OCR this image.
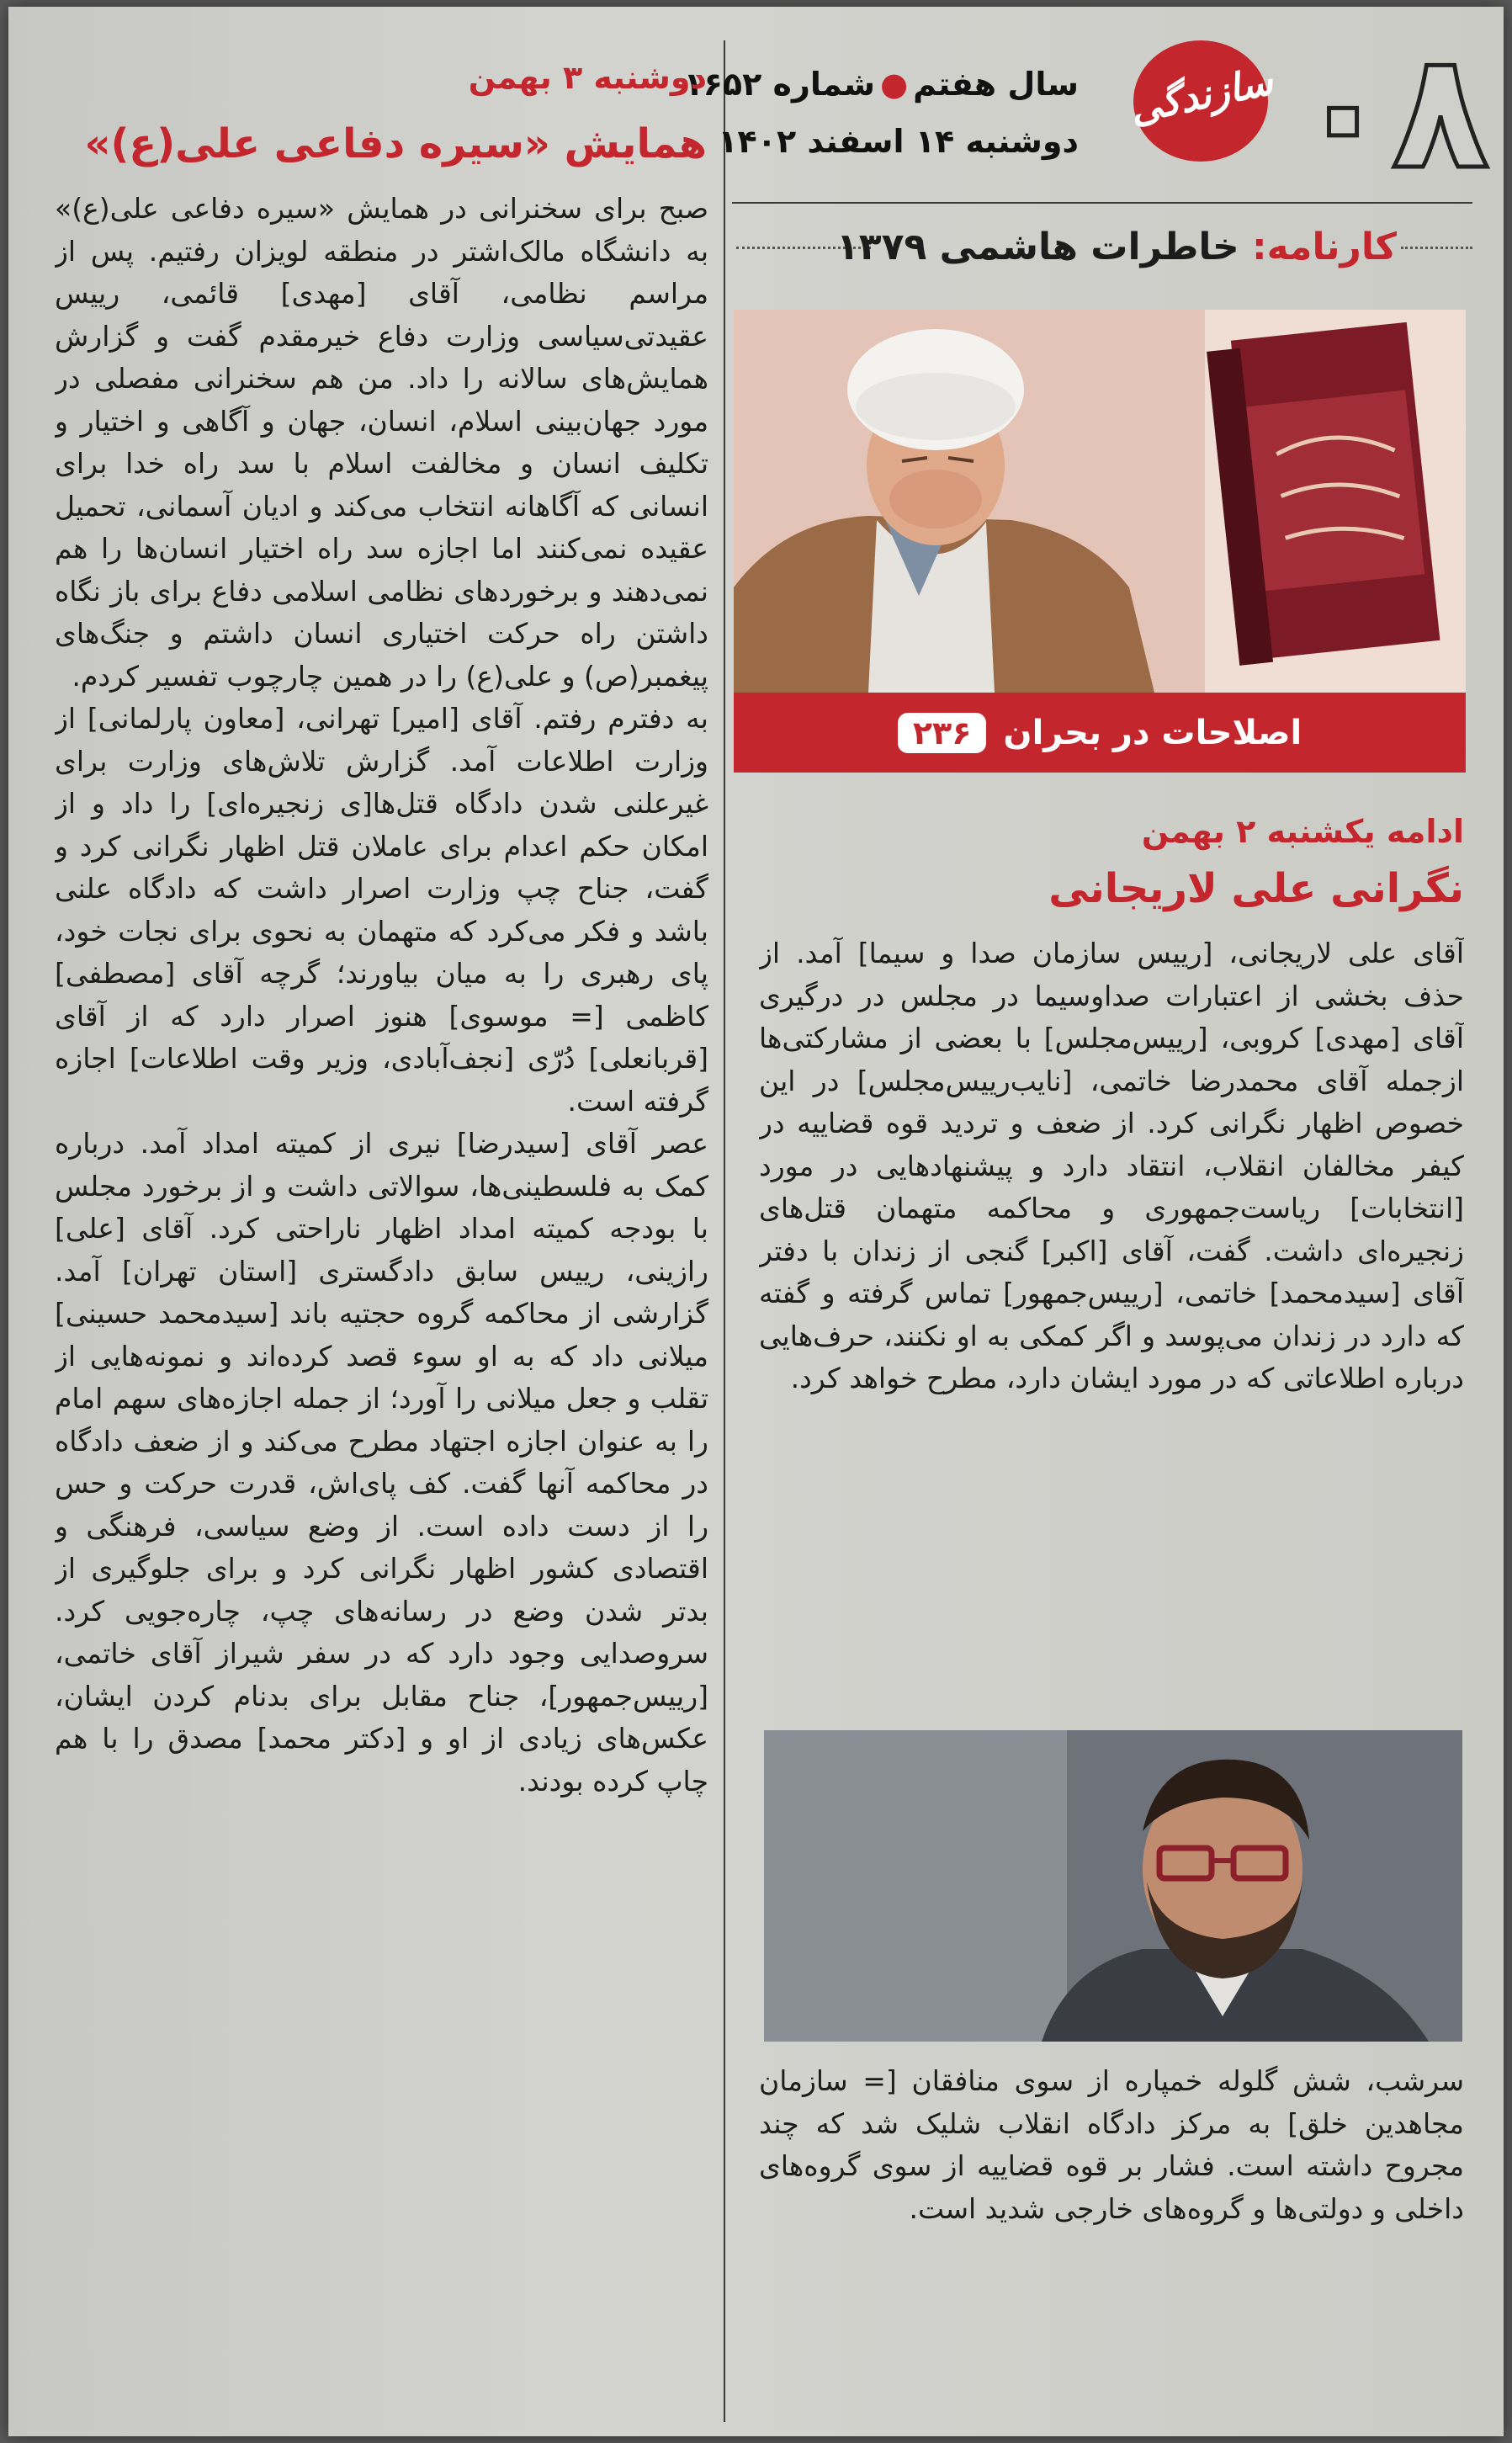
۰۸
سازندگی
سال هفتم●شماره ۱۶۵۲
دوشنبه ۱۴ اسفند ۱۴۰۲
کارنامه:

خاطرات هاشمی ۱۳۷۹
اصلاحات در بحران
۲۳۶
ادامه یکشنبه ۲ بهمن
نگرانی علی لاریجانی

آقای علی لاریجانی، [رییس سازمان صدا و سیما] آمد. از حذف بخشی از اعتبارات صداوسیما در مجلس در درگیری آقای [مهدی] کروبی، [رییس‌مجلس] با بعضی از مشارکتی‌ها ازجمله آقای محمدرضا خاتمی، [نایب‌رییس‌مجلس] در این خصوص اظهار نگرانی کرد. از ضعف و تردید قوه قضاییه در کیفر مخالفان انقلاب، انتقاد دارد و پیشنهادهایی در مورد [انتخابات] ریاست‌جمهوری و محاکمه متهمان قتل‌های زنجیره‌ای داشت. گفت، آقای [اکبر] گنجی از زندان با دفتر آقای [سیدمحمد] خاتمی، [رییس‌جمهور] تماس گرفته و گفته که دارد در زندان می‌پوسد و اگر کمکی به او نکنند، حرف‌هایی درباره اطلاعاتی که در مورد ایشان دارد، مطرح خواهد کرد.

سرشب، شش گلوله خمپاره از سوی منافقان [= سازمان مجاهدین خلق] به مرکز دادگاه انقلاب شلیک شد که چند مجروح داشته است. فشار بر قوه قضاییه از سوی گروه‌های داخلی و دولتی‌ها و گروه‌های خارجی شدید است.

دوشنبه ۳ بهمن
همایش «سیره دفاعی علی(ع)»

صبح برای سخنرانی در همایش «سیره دفاعی علی(ع)» به دانشگاه مالک‌اشتر در منطقه لویزان رفتیم. پس از مراسم نظامی، آقای [مهدی] قائمی، رییس عقیدتی‌سیاسی وزارت دفاع خیرمقدم گفت و گزارش همایش‌های سالانه را داد. من هم سخنرانی مفصلی در مورد جهان‌بینی اسلام، انسان، جهان و آگاهی و اختیار و تکلیف انسان و مخالفت اسلام با سد راه خدا برای انسانی که آگاهانه انتخاب می‌کند و ادیان آسمانی، تحمیل عقیده نمی‌کنند اما اجازه سد راه اختیار انسان‌ها را هم نمی‌دهند و برخوردهای نظامی اسلامی دفاع برای باز نگاه داشتن راه حرکت اختیاری انسان داشتم و جنگ‌های پیغمبر(ص) و علی(ع) را در همین چارچوب تفسیر کردم.

به دفترم رفتم. آقای [امیر] تهرانی، [معاون پارلمانی] از وزارت اطلاعات آمد. گزارش تلاش‌های وزارت برای غیرعلنی شدن دادگاه قتل‌ها[ی زنجیره‌ای] را داد و از امکان حکم اعدام برای عاملان قتل اظهار نگرانی کرد و گفت، جناح چپ وزارت اصرار داشت که دادگاه علنی باشد و فکر می‌کرد که متهمان به نحوی برای نجات خود، پای رهبری را به میان بیاورند؛ گرچه آقای [مصطفی] کاظمی [= موسوی] هنوز اصرار دارد که از آقای [قربانعلی] دُرّی [نجف‌آبادی، وزیر وقت اطلاعات] اجازه گرفته است.

عصر آقای [سیدرضا] نیری از کمیته امداد آمد. درباره کمک به فلسطینی‌ها، سوالاتی داشت و از برخورد مجلس با بودجه کمیته امداد اظهار ناراحتی کرد. آقای [علی] رازینی، رییس سابق دادگستری [استان تهران] آمد. گزارشی از محاکمه گروه حجتیه باند [سیدمحمد حسینی] میلانی داد که به او سوء قصد کرده‌اند و نمونه‌هایی از تقلب و جعل میلانی را آورد؛ از جمله اجازه‌های سهم امام را به عنوان اجازه اجتهاد مطرح می‌کند و از ضعف دادگاه در محاکمه آنها گفت. کف پای‌اش، قدرت حرکت و حس را از دست داده است. از وضع سیاسی، فرهنگی و اقتصادی کشور اظهار نگرانی کرد و برای جلوگیری از بدتر شدن وضع در رسانه‌های چپ، چاره‌جویی کرد. سروصدایی وجود دارد که در سفر شیراز آقای خاتمی، [رییس‌جمهور]، جناح مقابل برای بدنام کردن ایشان، عکس‌های زیادی از او و [دکتر محمد] مصدق را با هم چاپ کرده بودند.
